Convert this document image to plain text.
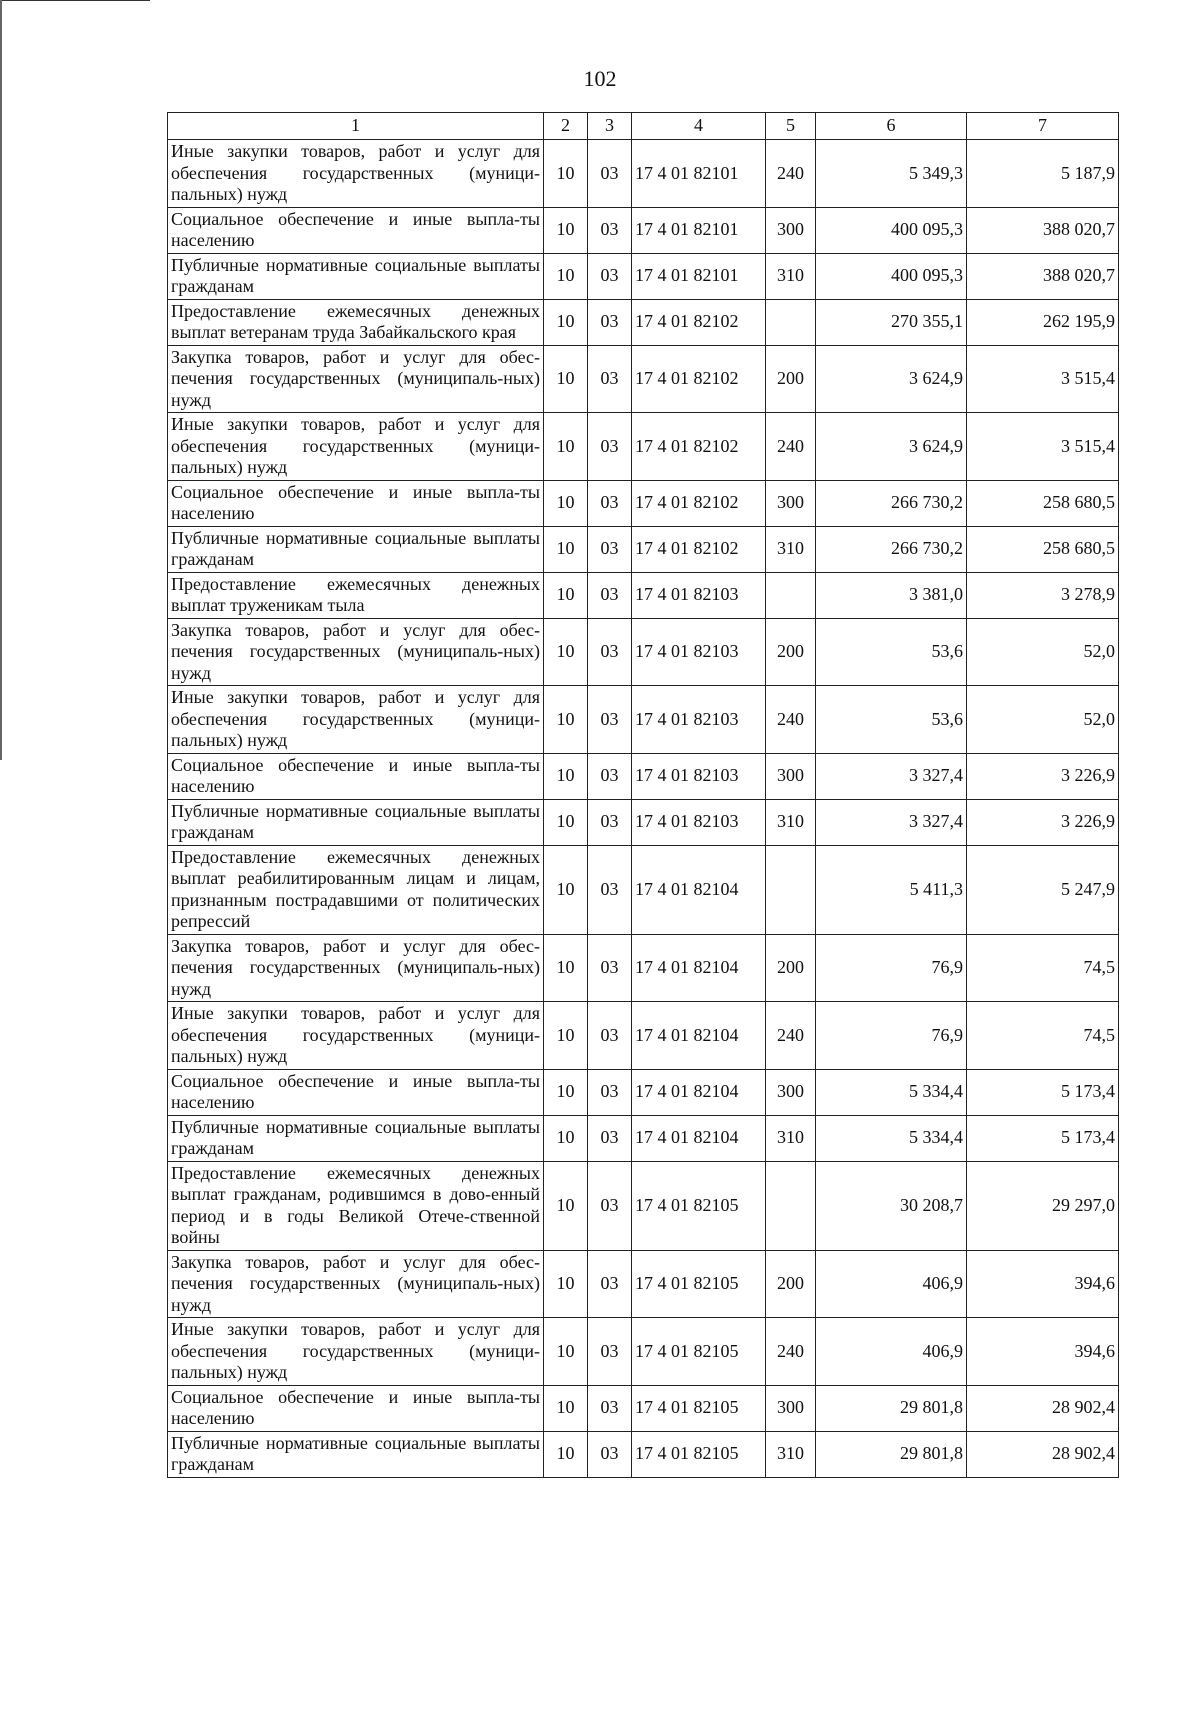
102
1	2	3	4	5	6	7
Иные закупки товаров, работ и услуг для обеспечения государственных (муници-пальных) нужд	10	03	17 4 01 82101	240	5 349,3	5 187,9
Социальное обеспечение и иные выпла-ты населению	10	03	17 4 01 82101	300	400 095,3	388 020,7
Публичные нормативные социальные выплаты гражданам	10	03	17 4 01 82101	310	400 095,3	388 020,7
Предоставление ежемесячных денежных выплат ветеранам труда Забайкальского края	10	03	17 4 01 82102		270 355,1	262 195,9
Закупка товаров, работ и услуг для обес-печения государственных (муниципаль-ных) нужд	10	03	17 4 01 82102	200	3 624,9	3 515,4
Иные закупки товаров, работ и услуг для обеспечения государственных (муници-пальных) нужд	10	03	17 4 01 82102	240	3 624,9	3 515,4
Социальное обеспечение и иные выпла-ты населению	10	03	17 4 01 82102	300	266 730,2	258 680,5
Публичные нормативные социальные выплаты гражданам	10	03	17 4 01 82102	310	266 730,2	258 680,5
Предоставление ежемесячных денежных выплат труженикам тыла	10	03	17 4 01 82103		3 381,0	3 278,9
Закупка товаров, работ и услуг для обес-печения государственных (муниципаль-ных) нужд	10	03	17 4 01 82103	200	53,6	52,0
Иные закупки товаров, работ и услуг для обеспечения государственных (муници-пальных) нужд	10	03	17 4 01 82103	240	53,6	52,0
Социальное обеспечение и иные выпла-ты населению	10	03	17 4 01 82103	300	3 327,4	3 226,9
Публичные нормативные социальные выплаты гражданам	10	03	17 4 01 82103	310	3 327,4	3 226,9
Предоставление ежемесячных денежных выплат реабилитированным лицам и лицам, признанным пострадавшими от политических репрессий	10	03	17 4 01 82104		5 411,3	5 247,9
Закупка товаров, работ и услуг для обес-печения государственных (муниципаль-ных) нужд	10	03	17 4 01 82104	200	76,9	74,5
Иные закупки товаров, работ и услуг для обеспечения государственных (муници-пальных) нужд	10	03	17 4 01 82104	240	76,9	74,5
Социальное обеспечение и иные выпла-ты населению	10	03	17 4 01 82104	300	5 334,4	5 173,4
Публичные нормативные социальные выплаты гражданам	10	03	17 4 01 82104	310	5 334,4	5 173,4
Предоставление ежемесячных денежных выплат гражданам, родившимся в дово-енный период и в годы Великой Отече-ственной войны	10	03	17 4 01 82105		30 208,7	29 297,0
Закупка товаров, работ и услуг для обес-печения государственных (муниципаль-ных) нужд	10	03	17 4 01 82105	200	406,9	394,6
Иные закупки товаров, работ и услуг для обеспечения государственных (муници-пальных) нужд	10	03	17 4 01 82105	240	406,9	394,6
Социальное обеспечение и иные выпла-ты населению	10	03	17 4 01 82105	300	29 801,8	28 902,4
Публичные нормативные социальные выплаты гражданам	10	03	17 4 01 82105	310	29 801,8	28 902,4
